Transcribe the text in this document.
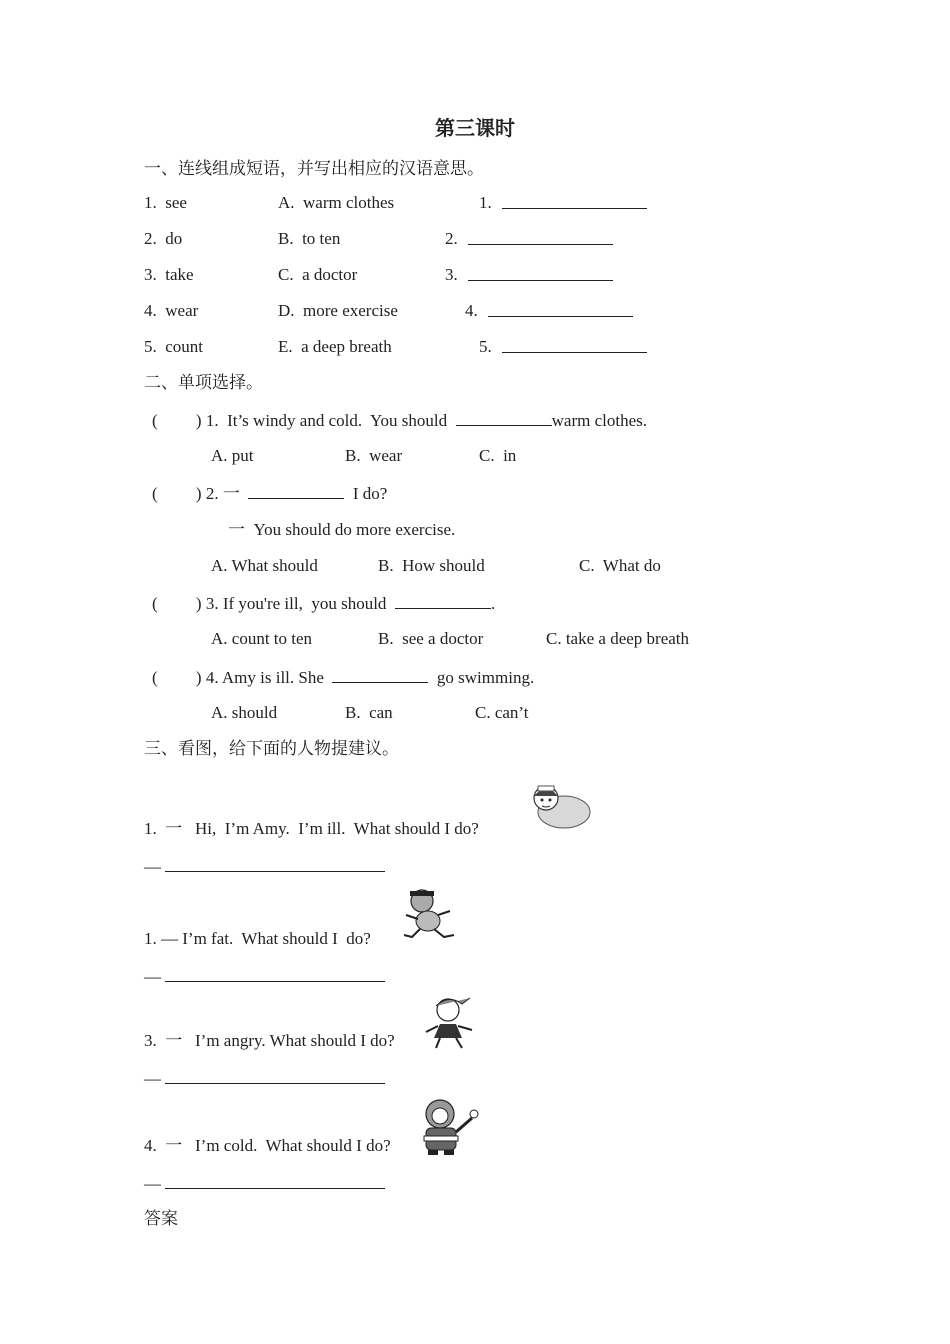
第三课时
一、连线组成短语，并写出相应的汉语意思。
1.  see	A.  warm clothes	1.
2.  do	B.  to ten	2.
3.  take	C.  a doctor	3.
4.  wear	D.  more exercise	4.
5.  count	E.  a deep breath	5.
二、单项选择。
(         ) 1.  It’s windy and cold.  You should	warm clothes.
A. put	B.  wear	C.  in
(         ) 2. 一	I do?
一  You should do more exercise.
A. What should	B.  How should	C.  What do
(         ) 3. If you're ill,  you should	.
A. count to ten	B.  see a doctor	C. take a deep breath
(         ) 4. Amy is ill. She	go swimming.
A. should	B.  can	C. can’t
三、看图，给下面的人物提建议。
1.  一   Hi,  I’m Amy.  I’m ill.  What should I do?
—
1. — I’m fat.  What should I  do?
—
3.  一   I’m angry. What should I do?
—
4.  一   I’m cold.  What should I do?
—
答案
